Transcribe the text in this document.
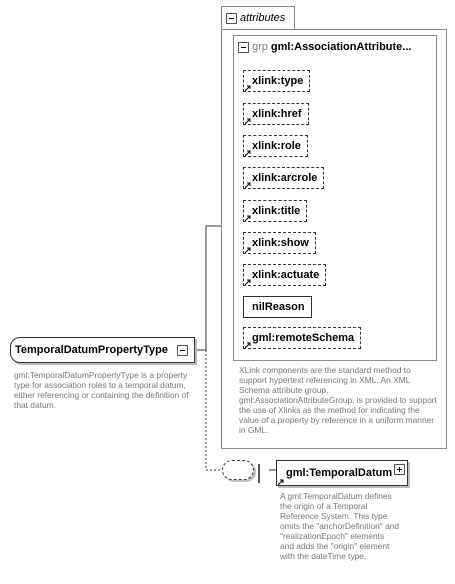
attributes
grp gml:AssociationAttribute...
xlink:type
xlink:href
xlink:role
xlink:arcrole
xlink:title
xlink:show
xlink:actuate
nilReason
gml:remoteSchema
XLink components are the standard method to support hypertext referencing in XML. An XML Schema attribute group, gml:AssociationAttributeGroup, is provided to support the use of Xlinks as the method for indicating the value of a property by reference in a uniform manner in GML.
TemporalDatumPropertyType
gml:TemporalDatumPropertyType is a property type for association roles to a temporal datum, either referencing or containing the definition of that datum.
gml:TemporalDatum
A gml:TemporalDatum defines the origin of a Temporal Reference System. This type omits the "anchorDefinition" and "realizationEpoch" elements and adds the "origin" element with the dateTime type.
